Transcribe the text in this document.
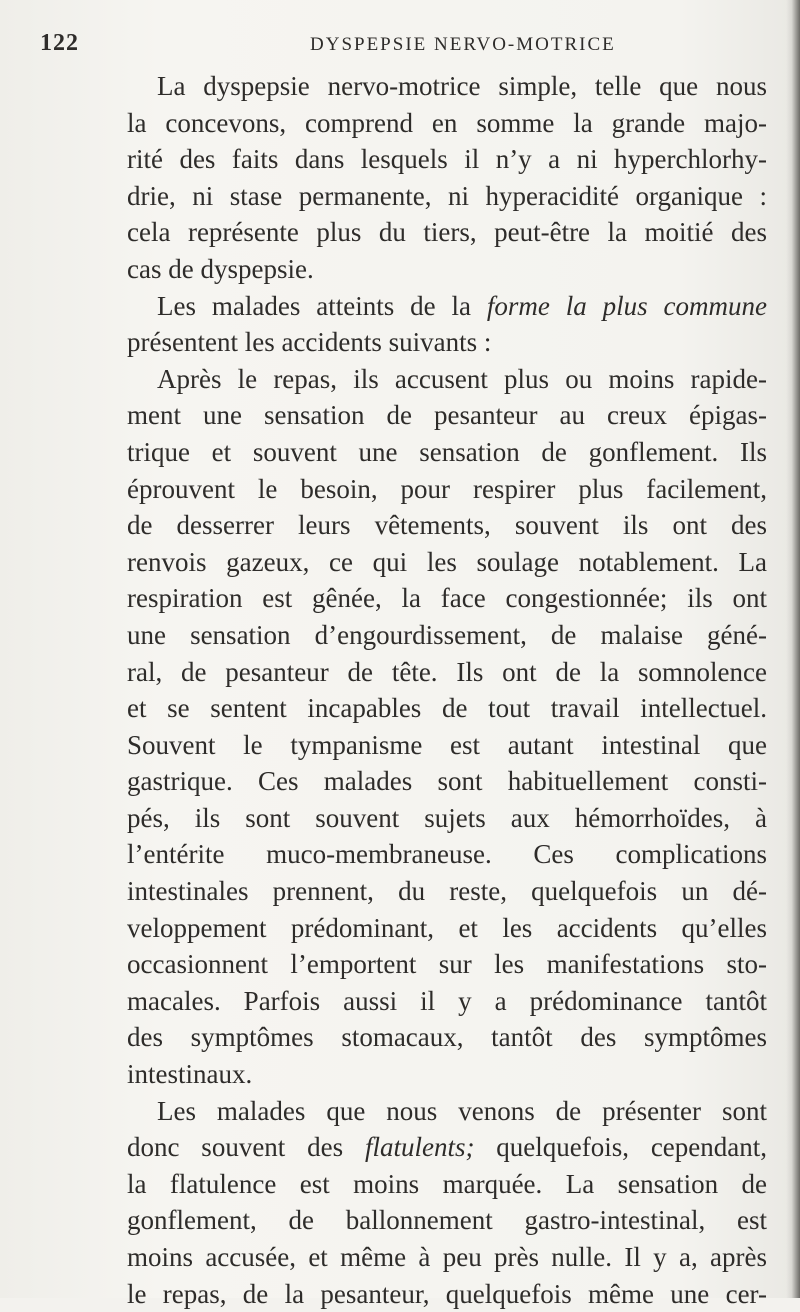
122	DYSPEPSIE NERVO-MOTRICE
La dyspepsie nervo-motrice simple, telle que nous
la concevons, comprend en somme la grande majo-
rité des faits dans lesquels il n’y a ni hyperchlorhy-
drie, ni stase permanente, ni hyperacidité organique :
cela représente plus du tiers, peut-être la moitié des
cas de dyspepsie.
Les malades atteints de la forme la plus commune
présentent les accidents suivants :
Après le repas, ils accusent plus ou moins rapide-
ment une sensation de pesanteur au creux épigas-
trique et souvent une sensation de gonflement. Ils
éprouvent le besoin, pour respirer plus facilement,
de desserrer leurs vêtements, souvent ils ont des
renvois gazeux, ce qui les soulage notablement. La
respiration est gênée, la face congestionnée; ils ont
une sensation d’engourdissement, de malaise géné-
ral, de pesanteur de tête. Ils ont de la somnolence
et se sentent incapables de tout travail intellectuel.
Souvent le tympanisme est autant intestinal que
gastrique. Ces malades sont habituellement consti-
pés, ils sont souvent sujets aux hémorrhoïdes, à
l’entérite muco-membraneuse. Ces complications
intestinales prennent, du reste, quelquefois un dé-
veloppement prédominant, et les accidents qu’elles
occasionnent l’emportent sur les manifestations sto-
macales. Parfois aussi il y a prédominance tantôt
des symptômes stomacaux, tantôt des symptômes
intestinaux.
Les malades que nous venons de présenter sont
donc souvent des flatulents; quelquefois, cependant,
la flatulence est moins marquée. La sensation de
gonflement, de ballonnement gastro-intestinal, est
moins accusée, et même à peu près nulle. Il y a, après
le repas, de la pesanteur, quelquefois même une cer-
